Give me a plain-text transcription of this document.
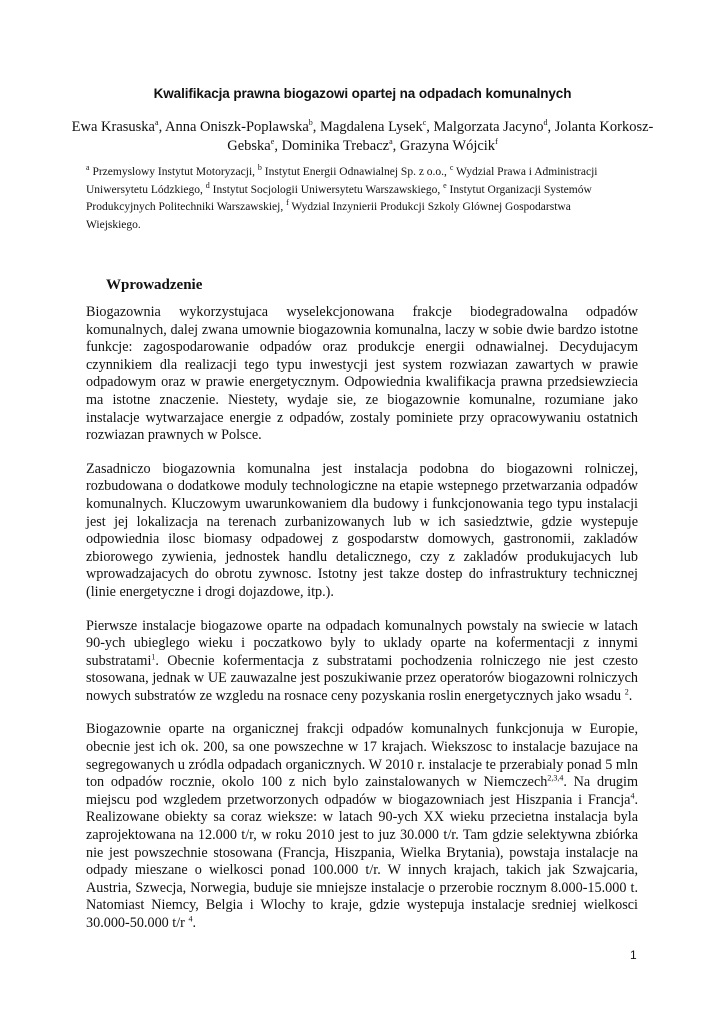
Kwalifikacja prawna biogazowi opartej na odpadach komunalnych
Ewa Krasuska$^a$, Anna Oniszk-Poplawska$^b$, Magdalena Lysek$^c$, Malgorzata Jacyno$^d$, Jolanta Korkosz-Gebska$^e$, Dominika Trebacz$^a$, Grazyna Wójcik$^f$
$^a$ Przemyslowy Instytut Motoryzacji, $^b$ Instytut Energii Odnawialnej Sp. z o.o., $^c$ Wydzial Prawa i Administracji Uniwersytetu Lódzkiego, $^d$ Instytut Socjologii Uniwersytetu Warszawskiego, $^e$ Instytut Organizacji Systemów Produkcyjnych Politechniki Warszawskiej, $^f$ Wydzial Inzynierii Produkcji Szkoly Glównej Gospodarstwa Wiejskiego.
Wprowadzenie

Biogazownia wykorzystujaca wyselekcjonowana frakcje biodegradowalna odpadów komunalnych, dalej zwana umownie biogazownia komunalna, laczy w sobie dwie bardzo istotne funkcje: zagospodarowanie odpadów oraz produkcje energii odnawialnej. Decydujacym czynnikiem dla realizacji tego typu inwestycji jest system rozwiazan zawartych w prawie odpadowym oraz w prawie energetycznym. Odpowiednia kwalifikacja prawna przedsiewziecia ma istotne znaczenie. Niestety, wydaje sie, ze biogazownie komunalne, rozumiane jako instalacje wytwarzajace energie z odpadów, zostaly pominiete przy opracowywaniu ostatnich rozwiazan prawnych w Polsce.

Zasadniczo biogazownia komunalna jest instalacja podobna do biogazowni rolniczej, rozbudowana o dodatkowe moduly technologiczne na etapie wstepnego przetwarzania odpadów komunalnych. Kluczowym uwarunkowaniem dla budowy i funkcjonowania tego typu instalacji jest jej lokalizacja na terenach zurbanizowanych lub w ich sasiedztwie, gdzie wystepuje odpowiednia ilosc biomasy odpadowej z gospodarstw domowych, gastronomii, zakladów zbiorowego zywienia, jednostek handlu detalicznego, czy z zakladów produkujacych lub wprowadzajacych do obrotu zywnosc. Istotny jest takze dostep do infrastruktury technicznej (linie energetyczne i drogi dojazdowe, itp.).

Pierwsze instalacje biogazowe oparte na odpadach komunalnych powstaly na swiecie w latach 90-ych ubieglego wieku i poczatkowo byly to uklady oparte na kofermentacji z innymi substratami$^1$. Obecnie kofermentacja z substratami pochodzenia rolniczego nie jest czesto stosowana, jednak w UE zauwazalne jest poszukiwanie przez operatorów biogazowni rolniczych nowych substratów ze wzgledu na rosnace ceny pozyskania roslin energetycznych jako wsadu $^2$.

Biogazownie oparte na organicznej frakcji odpadów komunalnych funkcjonuja w Europie, obecnie jest ich ok. 200, sa one powszechne w 17 krajach. Wiekszosc to instalacje bazujace na segregowanych u zródla odpadach organicznych. W 2010 r. instalacje te przerabialy ponad 5 mln ton odpadów rocznie, okolo 100 z nich bylo zainstalowanych w Niemczech$^{2,3,4}$. Na drugim miejscu pod wzgledem przetworzonych odpadów w biogazowniach jest Hiszpania i Francja$^4$. Realizowane obiekty sa coraz wieksze: w latach 90-ych XX wieku przecietna instalacja byla zaprojektowana na 12.000 t/r, w roku 2010 jest to juz 30.000 t/r. Tam gdzie selektywna zbiórka nie jest powszechnie stosowana (Francja, Hiszpania, Wielka Brytania), powstaja instalacje na odpady mieszane o wielkosci ponad 100.000 t/r. W innych krajach, takich jak Szwajcaria, Austria, Szwecja, Norwegia, buduje sie mniejsze instalacje o przerobie rocznym 8.000-15.000 t. Natomiast Niemcy, Belgia i Wlochy to kraje, gdzie wystepuja instalacje sredniej wielkosci 30.000-50.000 t/r $^4$.

1
